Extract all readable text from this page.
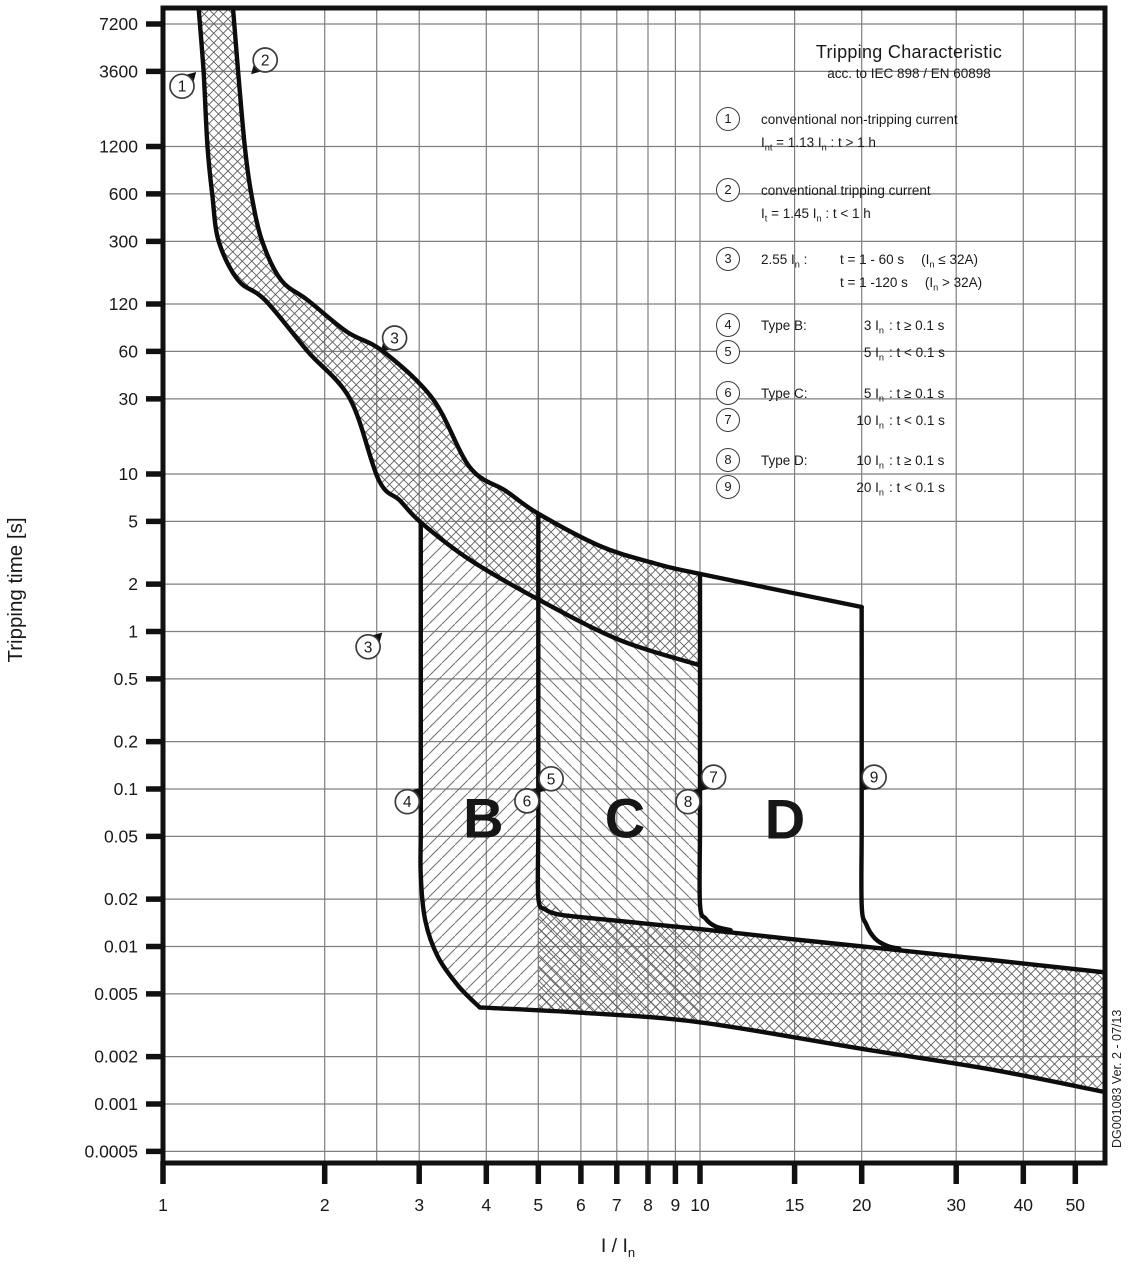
B C D
1
2
3
3
4
5
6
7
8
9
7200
3600
1200
600
300
120
60
30
10
5
2
1
0.5
0.2
0.1
0.05
0.02
0.01
0.005
0.002
0.001
0.0005
1	2	3	4 5 6 7 8 9 10	15	20	30	40 50
Tripping time [s]
I / $I_n$
DG001083 Ver. 2 - 07/13
Tripping Characteristic
acc. to IEC 898 / EN 60898
1	conventional non-tripping current
$I_{nt} = 1.13$ $I_n$ : t > 1 h
2	conventional tripping current
$I_t = 1.45$ $I_n$ : t < 1 h
3	2.55 $I_n$ : t = 1 - 60 s $(I_n \le 32A)$
t = 1 -120 s $(I_n > 32A)$
4	Type B:	3 $I_n$ : t ≥ 0.1 s
5	5 $I_n$ : t < 0.1 s
6	Type C:	5 $I_n$ : t ≥ 0.1 s
7	10 $I_n$ : t < 0.1 s
8	Type D:	10 $I_n$ : t ≥ 0.1 s
9	20 $I_n$ : t < 0.1 s
